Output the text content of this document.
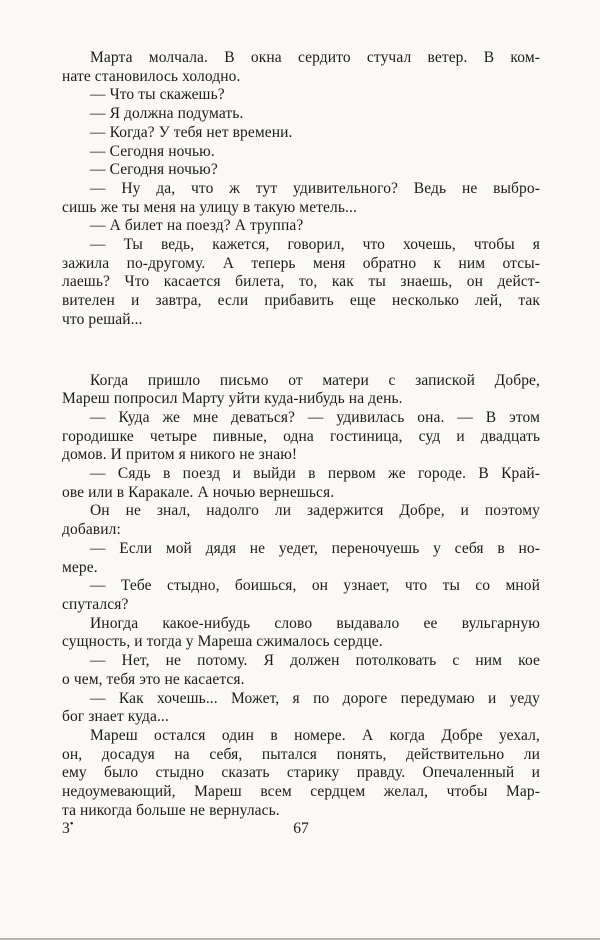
Марта молчала. В окна сердито стучал ветер. В ком-
нате становилось холодно.
— Что ты скажешь?
— Я должна подумать.
— Когда? У тебя нет времени.
— Сегодня ночью.
— Сегодня ночью?
— Ну да, что ж тут удивительного? Ведь не выбро-
сишь же ты меня на улицу в такую метель...
— А билет на поезд? А труппа?
— Ты ведь, кажется, говорил, что хочешь, чтобы я
зажила по-другому. А теперь меня обратно к ним отсы-
лаешь? Что касается билета, то, как ты знаешь, он дейст-
вителен и завтра, если прибавить еще несколько лей, так
что решай...
Когда пришло письмо от матери с запиской Добре,
Мареш попросил Марту уйти куда-нибудь на день.
— Куда же мне деваться? — удивилась она. — В этом
городишке четыре пивные, одна гостиница, суд и двадцать
домов. И притом я никого не знаю!
— Сядь в поезд и выйди в первом же городе. В Край-
ове или в Каракале. А ночью вернешься.
Он не знал, надолго ли задержится Добре, и поэтому
добавил:
— Если мой дядя не уедет, переночуешь у себя в но-
мере.
— Тебе стыдно, боишься, он узнает, что ты со мной
спутался?
Иногда какое-нибудь слово выдавало ее вульгарную
сущность, и тогда у Мареша сжималось сердце.
— Нет, не потому. Я должен потолковать с ним кое
о чем, тебя это не касается.
— Как хочешь... Может, я по дороге передумаю и уеду
бог знает куда...
Мареш остался один в номере. А когда Добре уехал,
он, досадуя на себя, пытался понять, действительно ли
ему было стыдно сказать старику правду. Опечаленный и
недоумевающий, Мареш всем сердцем желал, чтобы Мар-
та никогда больше не вернулась.
3•	67
